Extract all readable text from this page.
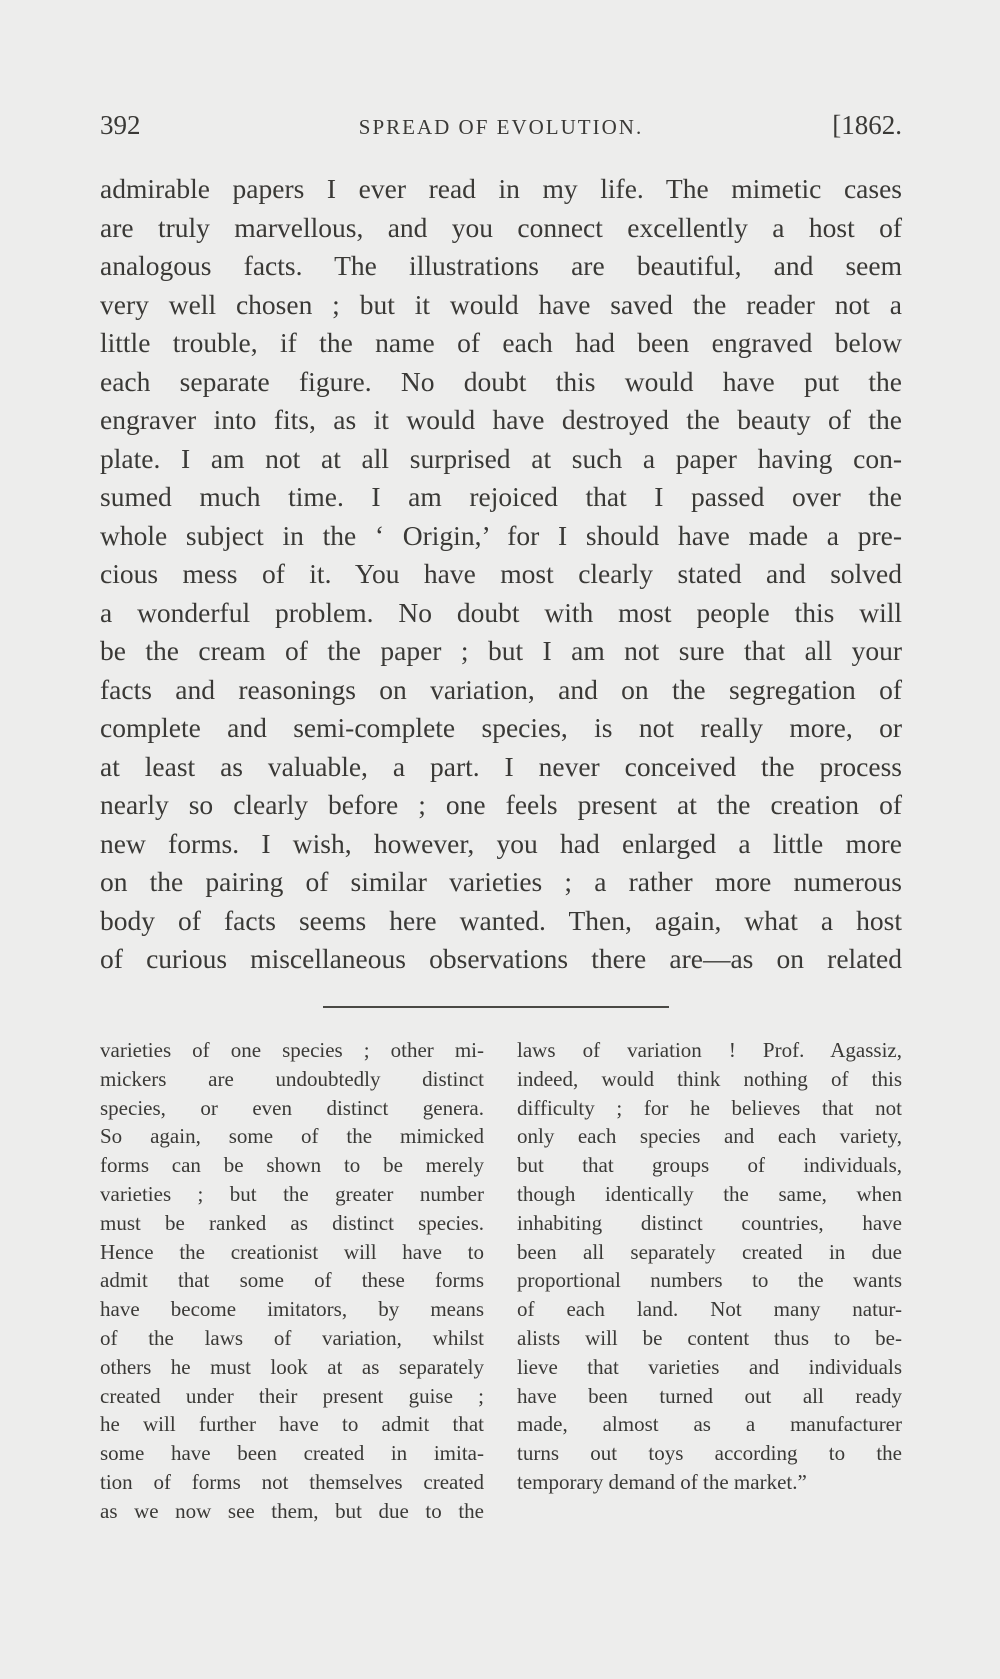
392	SPREAD OF EVOLUTION.	[1862.
admirable papers I ever read in my life. The mimetic cases
are truly marvellous, and you connect excellently a host of
analogous facts. The illustrations are beautiful, and seem
very well chosen ; but it would have saved the reader not a
little trouble, if the name of each had been engraved below
each separate figure. No doubt this would have put the
engraver into fits, as it would have destroyed the beauty of the
plate. I am not at all surprised at such a paper having con-
sumed much time. I am rejoiced that I passed over the
whole subject in the ‘ Origin,’ for I should have made a pre-
cious mess of it. You have most clearly stated and solved
a wonderful problem. No doubt with most people this will
be the cream of the paper ; but I am not sure that all your
facts and reasonings on variation, and on the segregation of
complete and semi-complete species, is not really more, or
at least as valuable, a part. I never conceived the process
nearly so clearly before ; one feels present at the creation of
new forms. I wish, however, you had enlarged a little more
on the pairing of similar varieties ; a rather more numerous
body of facts seems here wanted. Then, again, what a host
of curious miscellaneous observations there are—as on related
varieties of one species ; other mi-
mickers are undoubtedly distinct
species, or even distinct genera.
So again, some of the mimicked
forms can be shown to be merely
varieties ; but the greater number
must be ranked as distinct species.
Hence the creationist will have to
admit that some of these forms
have become imitators, by means
of the laws of variation, whilst
others he must look at as separately
created under their present guise ;
he will further have to admit that
some have been created in imita-
tion of forms not themselves created
as we now see them, but due to the
laws of variation ! Prof. Agassiz,
indeed, would think nothing of this
difficulty ; for he believes that not
only each species and each variety,
but that groups of individuals,
though identically the same, when
inhabiting distinct countries, have
been all separately created in due
proportional numbers to the wants
of each land. Not many natur-
alists will be content thus to be-
lieve that varieties and individuals
have been turned out all ready
made, almost as a manufacturer
turns out toys according to the
temporary demand of the market.”
